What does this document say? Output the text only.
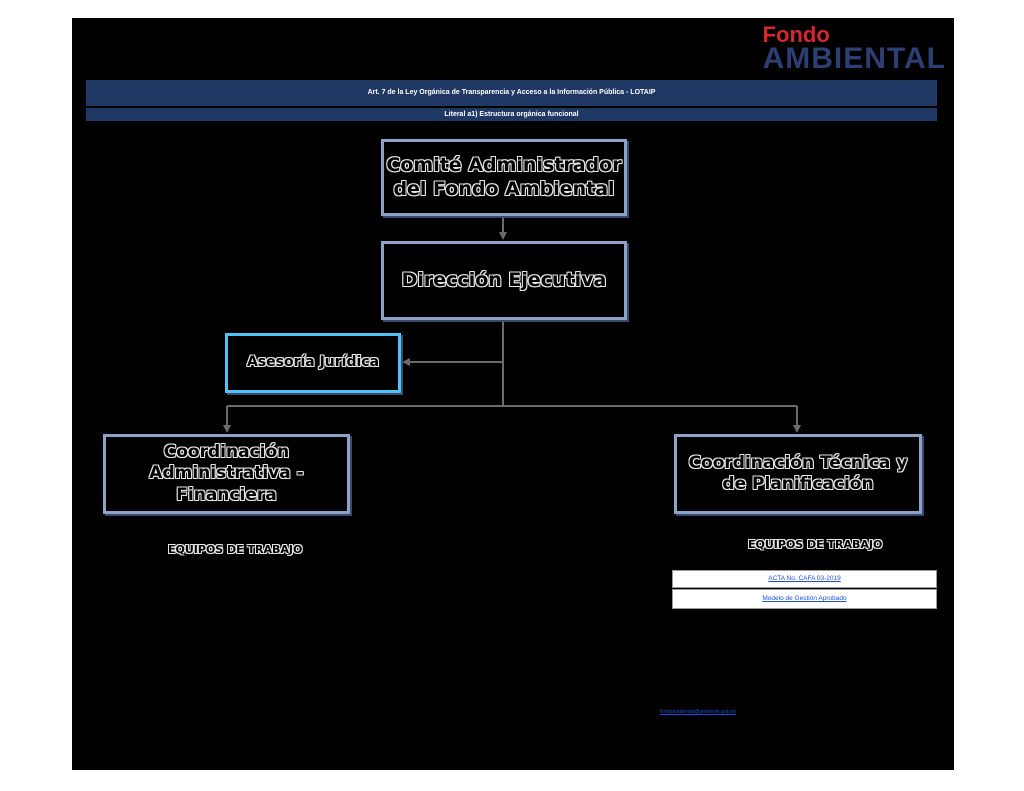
Fondo
AMBIENTAL
Art. 7 de la Ley Orgánica de Transparencia y Acceso a la Información Pública - LOTAIP
Literal a1) Estructura orgánica funcional
Comité Administrador del Fondo Ambiental
Dirección Ejecutiva
Asesoría Jurídica
Coordinación Administrativa - Financiera
Coordinación Técnica y de Planificación
EQUIPOS DE TRABAJO	EQUIPOS DE TRABAJO
ACTA No. CAFA 03-2019
Modelo de Gestión Aprobado
fondoambiental@ambiente.gob.ec
